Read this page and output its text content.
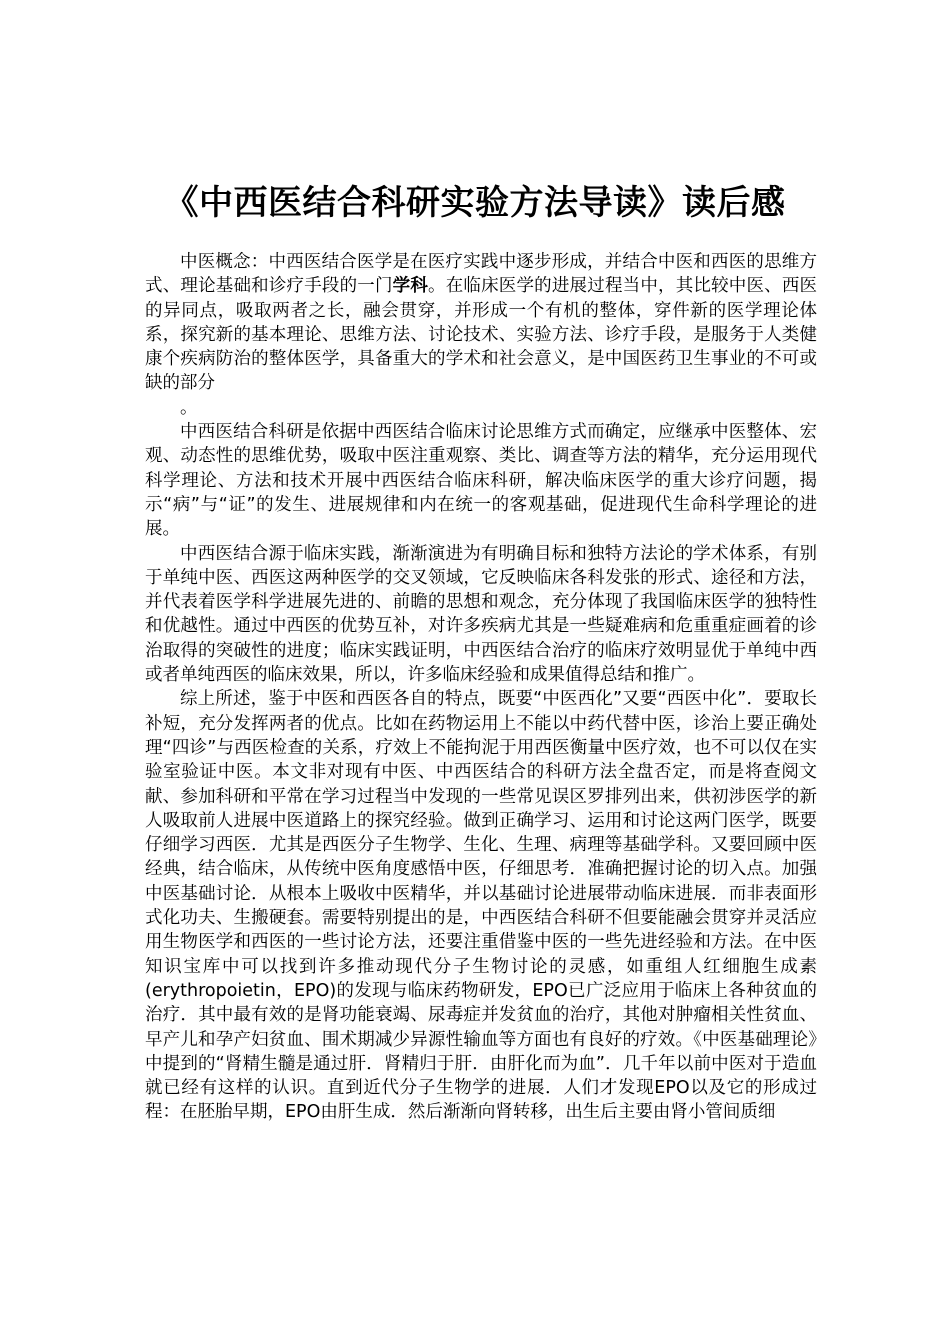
《中西医结合科研实验方法导读》读后感

中医概念：中西医结合医学是在医疗实践中逐步形成，并结合中医和西医的思维方式、理论基础和诊疗手段的一门学科。在临床医学的进展过程当中，其比较中医、西医的异同点，吸取两者之长，融会贯穿，并形成一个有机的整体，穿件新的医学理论体系，探究新的基本理论、思维方法、讨论技术、实验方法、诊疗手段，是服务于人类健康个疾病防治的整体医学，具备重大的学术和社会意义，是中国医药卫生事业的不可或缺的部分

。

中西医结合科研是依据中西医结合临床讨论思维方式而确定，应继承中医整体、宏观、动态性的思维优势，吸取中医注重观察、类比、调查等方法的精华，充分运用现代科学理论、方法和技术开展中西医结合临床科研，解决临床医学的重大诊疗问题，揭示“病”与“证”的发生、进展规律和内在统一的客观基础，促进现代生命科学理论的进展。

中西医结合源于临床实践，渐渐演进为有明确目标和独特方法论的学术体系，有别于单纯中医、西医这两种医学的交叉领域，它反映临床各科发张的形式、途径和方法，并代表着医学科学进展先进的、前瞻的思想和观念，充分体现了我国临床医学的独特性和优越性。通过中西医的优势互补，对许多疾病尤其是一些疑难病和危重重症画着的诊治取得的突破性的进度；临床实践证明，中西医结合治疗的临床疗效明显优于单纯中西或者单纯西医的临床效果，所以，许多临床经验和成果值得总结和推广。

综上所述，鉴于中医和西医各自的特点，既要“中医西化”又要“西医中化”．要取长补短，充分发挥两者的优点。比如在药物运用上不能以中药代替中医，诊治上要正确处理“四诊”与西医检查的关系，疗效上不能拘泥于用西医衡量中医疗效，也不可以仅在实验室验证中医。本文非对现有中医、中西医结合的科研方法全盘否定，而是将查阅文献、参加科研和平常在学习过程当中发现的一些常见误区罗排列出来，供初涉医学的新人吸取前人进展中医道路上的探究经验。做到正确学习、运用和讨论这两门医学，既要仔细学习西医．尤其是西医分子生物学、生化、生理、病理等基础学科。又要回顾中医经典，结合临床，从传统中医角度感悟中医，仔细思考．准确把握讨论的切入点。加强中医基础讨论．从根本上吸收中医精华，并以基础讨论进展带动临床进展．而非表面形式化功夫、生搬硬套。需要特别提出的是，中西医结合科研不但要能融会贯穿并灵活应用生物医学和西医的一些讨论方法，还要注重借鉴中医的一些先进经验和方法。在中医知识宝库中可以找到许多推动现代分子生物讨论的灵感，如重组人红细胞生成素(erythropoietin，EPO)的发现与临床药物研发，EPO已广泛应用于临床上各种贫血的治疗．其中最有效的是肾功能衰竭、尿毒症并发贫血的治疗，其他对肿瘤相关性贫血、早产儿和孕产妇贫血、围术期减少异源性输血等方面也有良好的疗效。《中医基础理论》中提到的“肾精生髓是通过肝．肾精归于肝．由肝化而为血”．几千年以前中医对于造血就已经有这样的认识。直到近代分子生物学的进展．人们才发现EPO以及它的形成过程：在胚胎早期，EPO由肝生成．然后渐渐向肾转移，出生后主要由肾小管间质细
